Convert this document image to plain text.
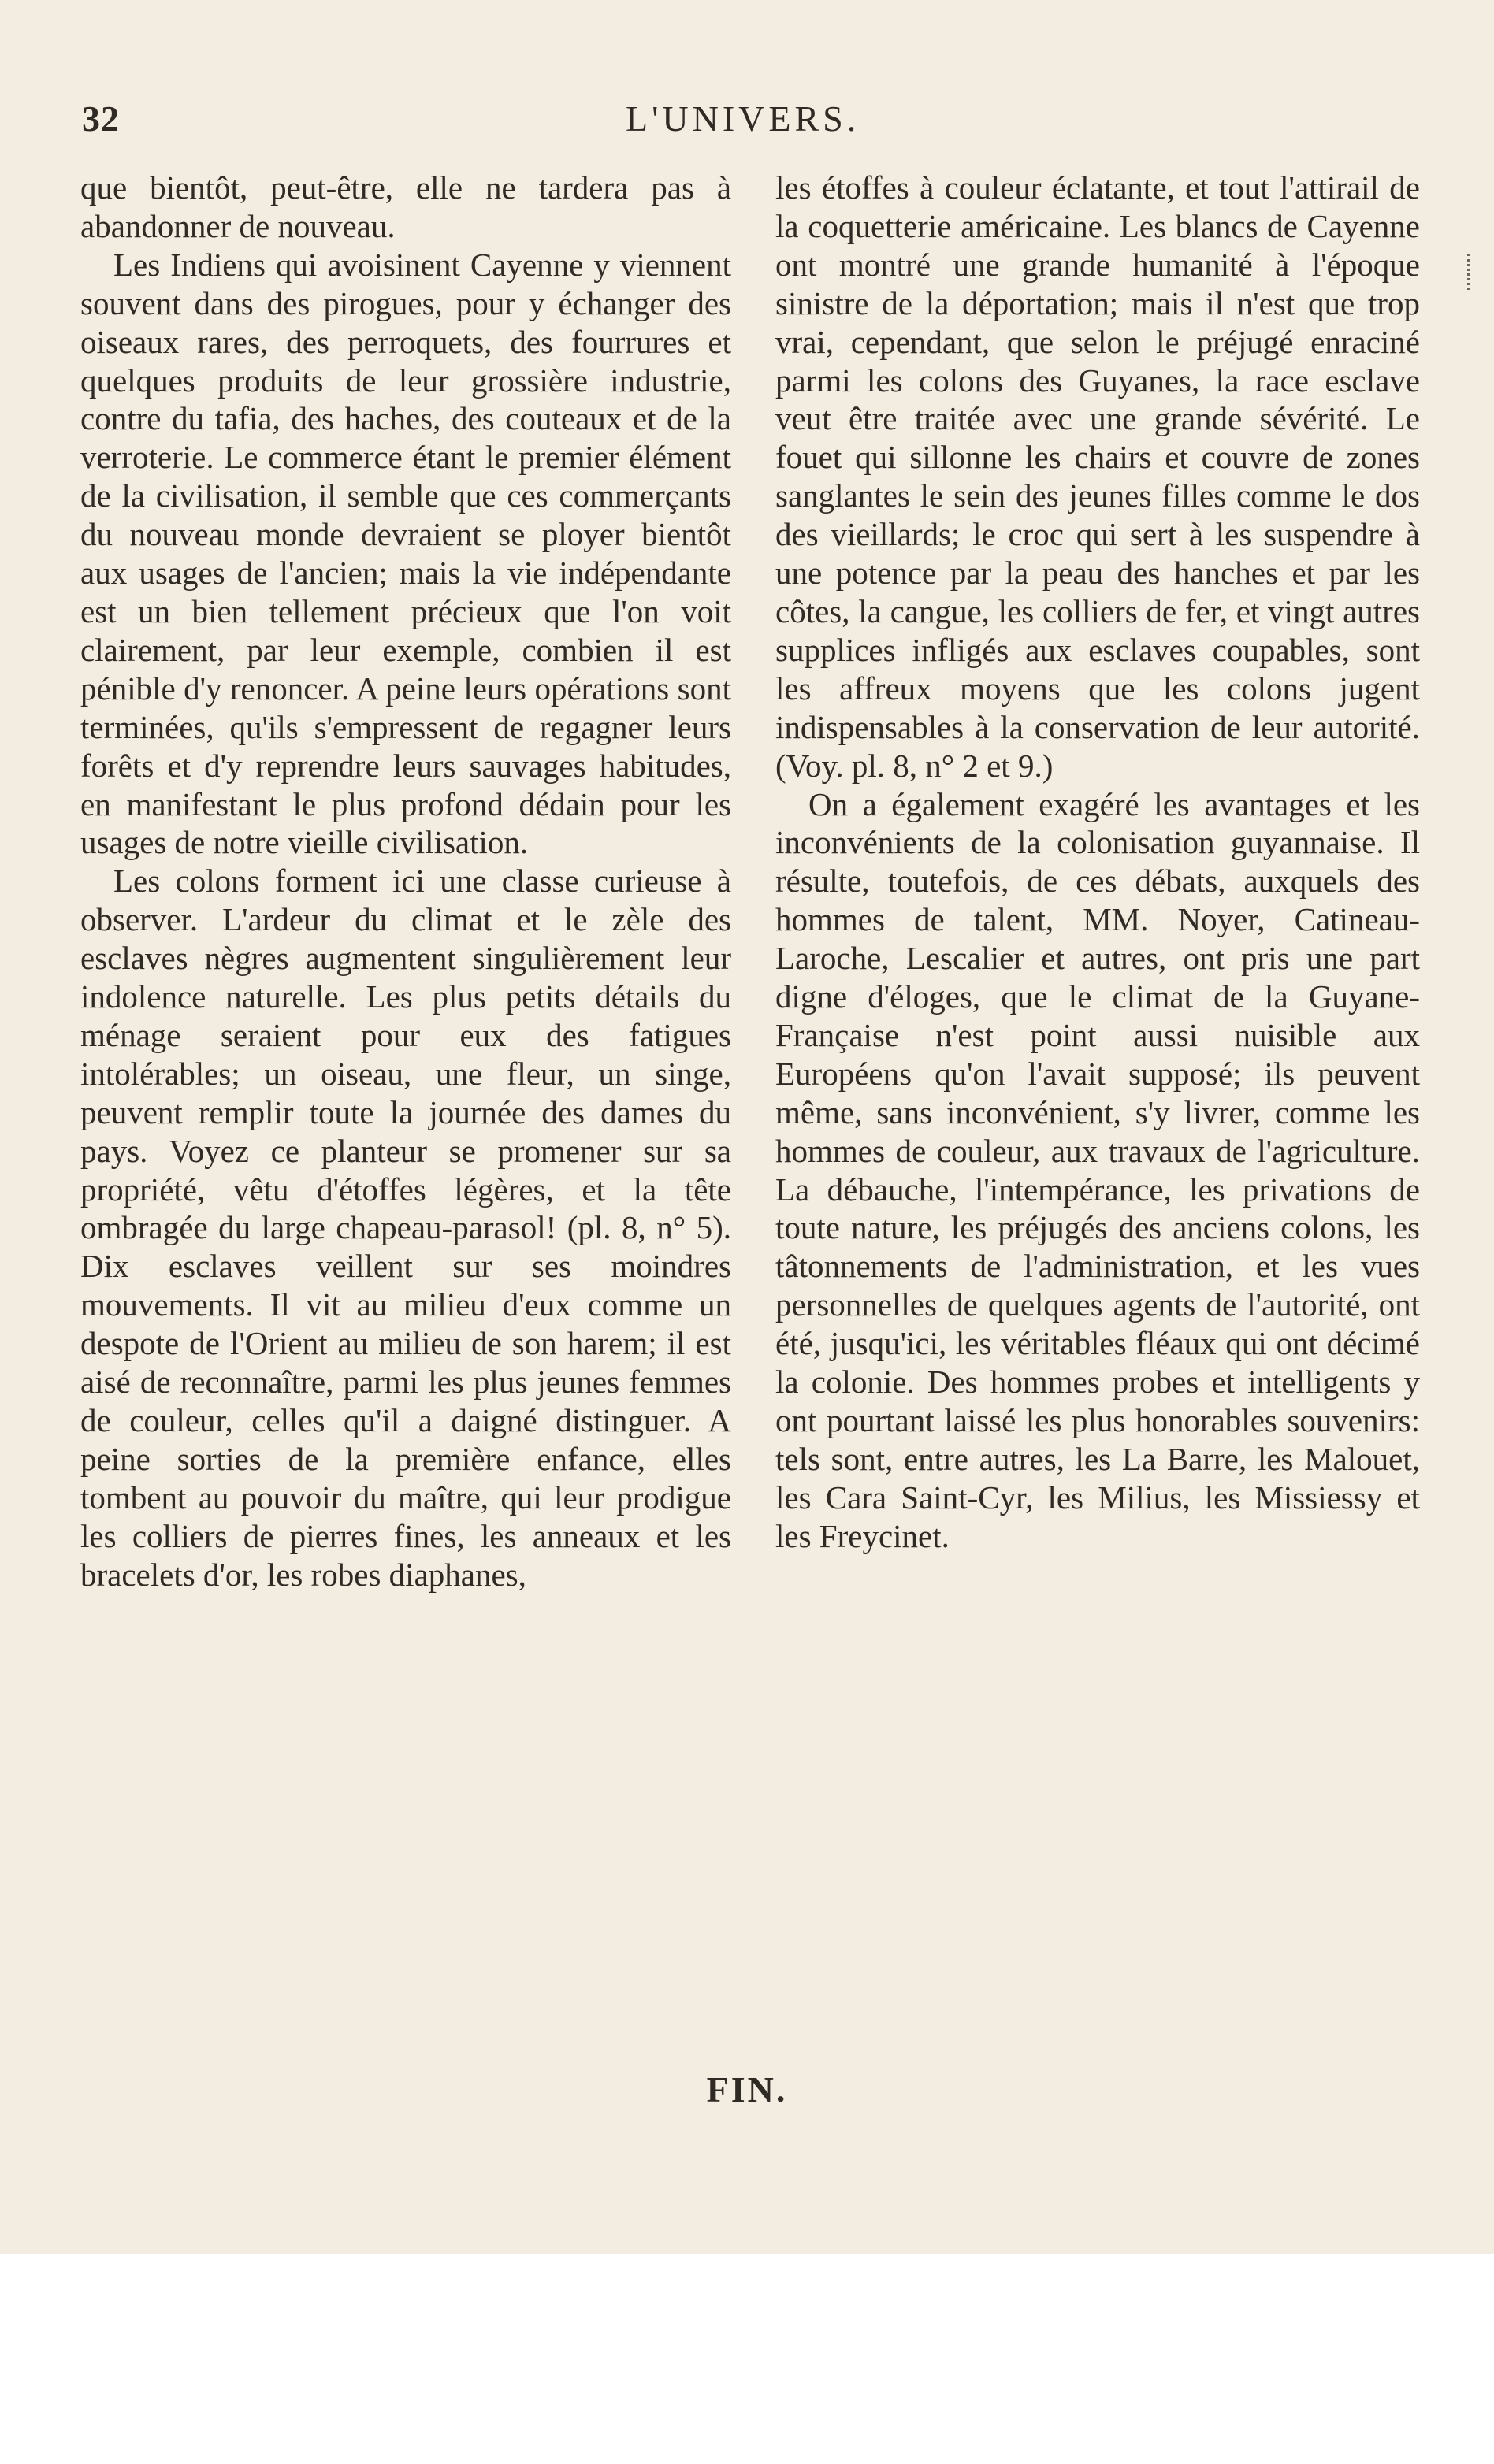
32	L'UNIVERS.

que bientôt, peut-être, elle ne tardera pas à abandonner de nouveau.

Les Indiens qui avoisinent Cayenne y viennent souvent dans des pirogues, pour y échanger des oiseaux rares, des perroquets, des fourrures et quelques produits de leur grossière industrie, contre du tafia, des haches, des couteaux et de la verroterie. Le commerce étant le premier élément de la civilisation, il semble que ces commerçants du nouveau monde devraient se ployer bientôt aux usages de l'ancien; mais la vie indépendante est un bien tellement précieux que l'on voit clairement, par leur exemple, combien il est pénible d'y renoncer. A peine leurs opérations sont terminées, qu'ils s'empressent de regagner leurs forêts et d'y reprendre leurs sauvages habitudes, en manifestant le plus profond dédain pour les usages de notre vieille civilisation.

Les colons forment ici une classe curieuse à observer. L'ardeur du climat et le zèle des esclaves nègres augmentent singulièrement leur indolence naturelle. Les plus petits détails du ménage seraient pour eux des fatigues intolérables; un oiseau, une fleur, un singe, peuvent remplir toute la journée des dames du pays. Voyez ce planteur se promener sur sa propriété, vêtu d'étoffes légères, et la tête ombragée du large chapeau-parasol! (pl. 8, n° 5). Dix esclaves veillent sur ses moindres mouvements. Il vit au milieu d'eux comme un despote de l'Orient au milieu de son harem; il est aisé de reconnaître, parmi les plus jeunes femmes de couleur, celles qu'il a daigné distinguer. A peine sorties de la première enfance, elles tombent au pouvoir du maître, qui leur prodigue les colliers de pierres fines, les anneaux et les bracelets d'or, les robes diaphanes,

les étoffes à couleur éclatante, et tout l'attirail de la coquetterie américaine. Les blancs de Cayenne ont montré une grande humanité à l'époque sinistre de la déportation; mais il n'est que trop vrai, cependant, que selon le préjugé enraciné parmi les colons des Guyanes, la race esclave veut être traitée avec une grande sévérité. Le fouet qui sillonne les chairs et couvre de zones sanglantes le sein des jeunes filles comme le dos des vieillards; le croc qui sert à les suspendre à une potence par la peau des hanches et par les côtes, la cangue, les colliers de fer, et vingt autres supplices infligés aux esclaves coupables, sont les affreux moyens que les colons jugent indispensables à la conservation de leur autorité. (Voy. pl. 8, n° 2 et 9.)

On a également exagéré les avantages et les inconvénients de la colonisation guyannaise. Il résulte, toutefois, de ces débats, auxquels des hommes de talent, MM. Noyer, Catineau-Laroche, Lescalier et autres, ont pris une part digne d'éloges, que le climat de la Guyane-Française n'est point aussi nuisible aux Européens qu'on l'avait supposé; ils peuvent même, sans inconvénient, s'y livrer, comme les hommes de couleur, aux travaux de l'agriculture. La débauche, l'intempérance, les privations de toute nature, les préjugés des anciens colons, les tâtonnements de l'administration, et les vues personnelles de quelques agents de l'autorité, ont été, jusqu'ici, les véritables fléaux qui ont décimé la colonie. Des hommes probes et intelligents y ont pourtant laissé les plus honorables souvenirs: tels sont, entre autres, les La Barre, les Malouet, les Cara Saint-Cyr, les Milius, les Missiessy et les Freycinet.

FIN.
